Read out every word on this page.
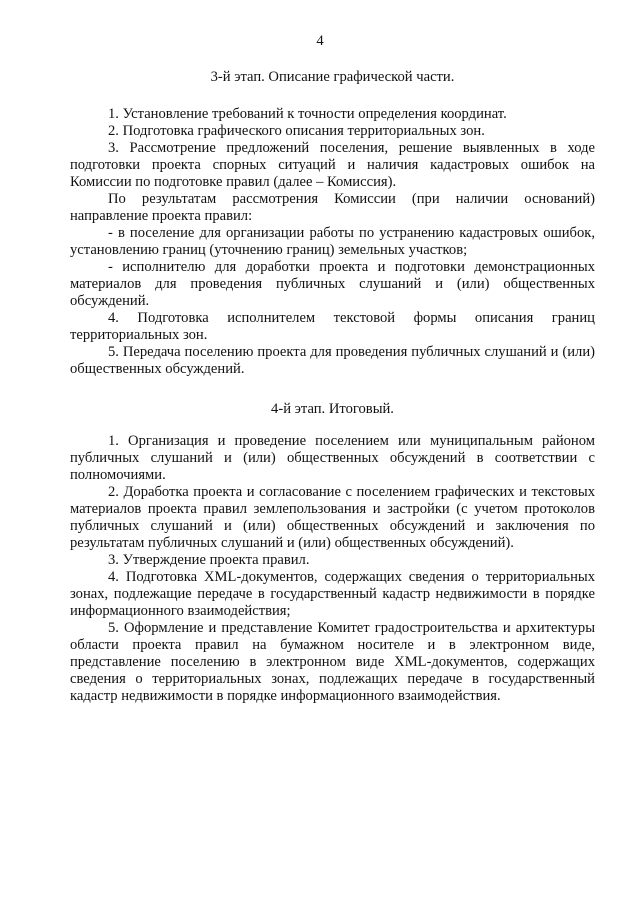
4
3-й этап. Описание графической части.

1. Установление требований к точности определения координат.

2. Подготовка графического описания территориальных зон.

3. Рассмотрение предложений поселения, решение выявленных в ходе подготовки проекта спорных ситуаций и наличия кадастровых ошибок на Комиссии по подготовке правил (далее – Комиссия).

По результатам рассмотрения Комиссии (при наличии оснований) направление проекта правил:

- в поселение для организации работы по устранению кадастровых ошибок, установлению границ (уточнению границ) земельных участков;

- исполнителю для доработки проекта и подготовки демонстрационных материалов для проведения публичных слушаний и (или) общественных обсуждений.

4. Подготовка исполнителем текстовой формы описания границ территориальных зон.

5. Передача поселению проекта для проведения публичных слушаний и (или) общественных обсуждений.

4-й этап. Итоговый.

1. Организация и проведение поселением или муниципальным районом публичных слушаний и (или) общественных обсуждений в соответствии с полномочиями.

2. Доработка проекта и согласование с поселением графических и текстовых материалов проекта правил землепользования и застройки (с учетом протоколов публичных слушаний и (или) общественных обсуждений и заключения по результатам публичных слушаний и (или) общественных обсуждений).

3. Утверждение проекта правил.

4. Подготовка XML-документов, содержащих сведения о территориальных зонах, подлежащие передаче в государственный кадастр недвижимости в порядке информационного взаимодействия;

5. Оформление и представление Комитет градостроительства и архитектуры области проекта правил на бумажном носителе и в электронном виде, представление поселению в электронном виде XML-документов, содержащих сведения о территориальных зонах, подлежащих передаче в государственный кадастр недвижимости в порядке информационного взаимодействия.
